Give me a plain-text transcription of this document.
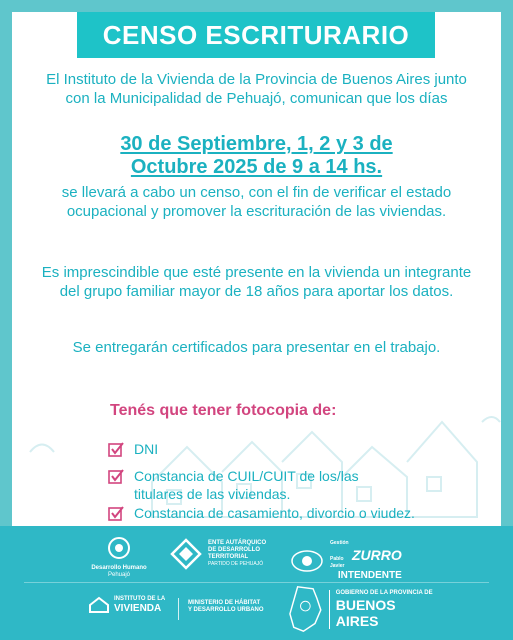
CENSO ESCRITURARIO
El Instituto de la Vivienda de la Provincia de Buenos Aires junto con la Municipalidad de Pehuajó, comunican que los días
30 de Septiembre, 1, 2 y 3 de
Octubre 2025 de 9 a 14 hs.
se llevará a cabo un censo, con el fin de verificar el estado ocupacional y promover la escrituración de las viviendas.
Es imprescindible que esté presente en la vivienda un integrante del grupo familiar mayor de 18 años para aportar los datos.
Se entregarán certificados para presentar en el trabajo.
Tenés que tener fotocopia de:
DNI
Constancia de CUIL/CUIT de los/las
titulares de las viviendas.
Constancia de casamiento, divorcio o viudez.
Desarrollo Humano
Pehuajó
ENTE AUTÁRQUICO
DE DESARROLLO
TERRITORIAL
PARTIDO DE PEHUAJÓ
Gestión
Pablo Javier
ZURRO
INTENDENTE
INSTITUTO DE LA
VIVIENDA	MINISTERIO DE HÁBITAT
Y DESARROLLO URBANO
GOBIERNO DE LA PROVINCIA DE
BUENOS AIRES
